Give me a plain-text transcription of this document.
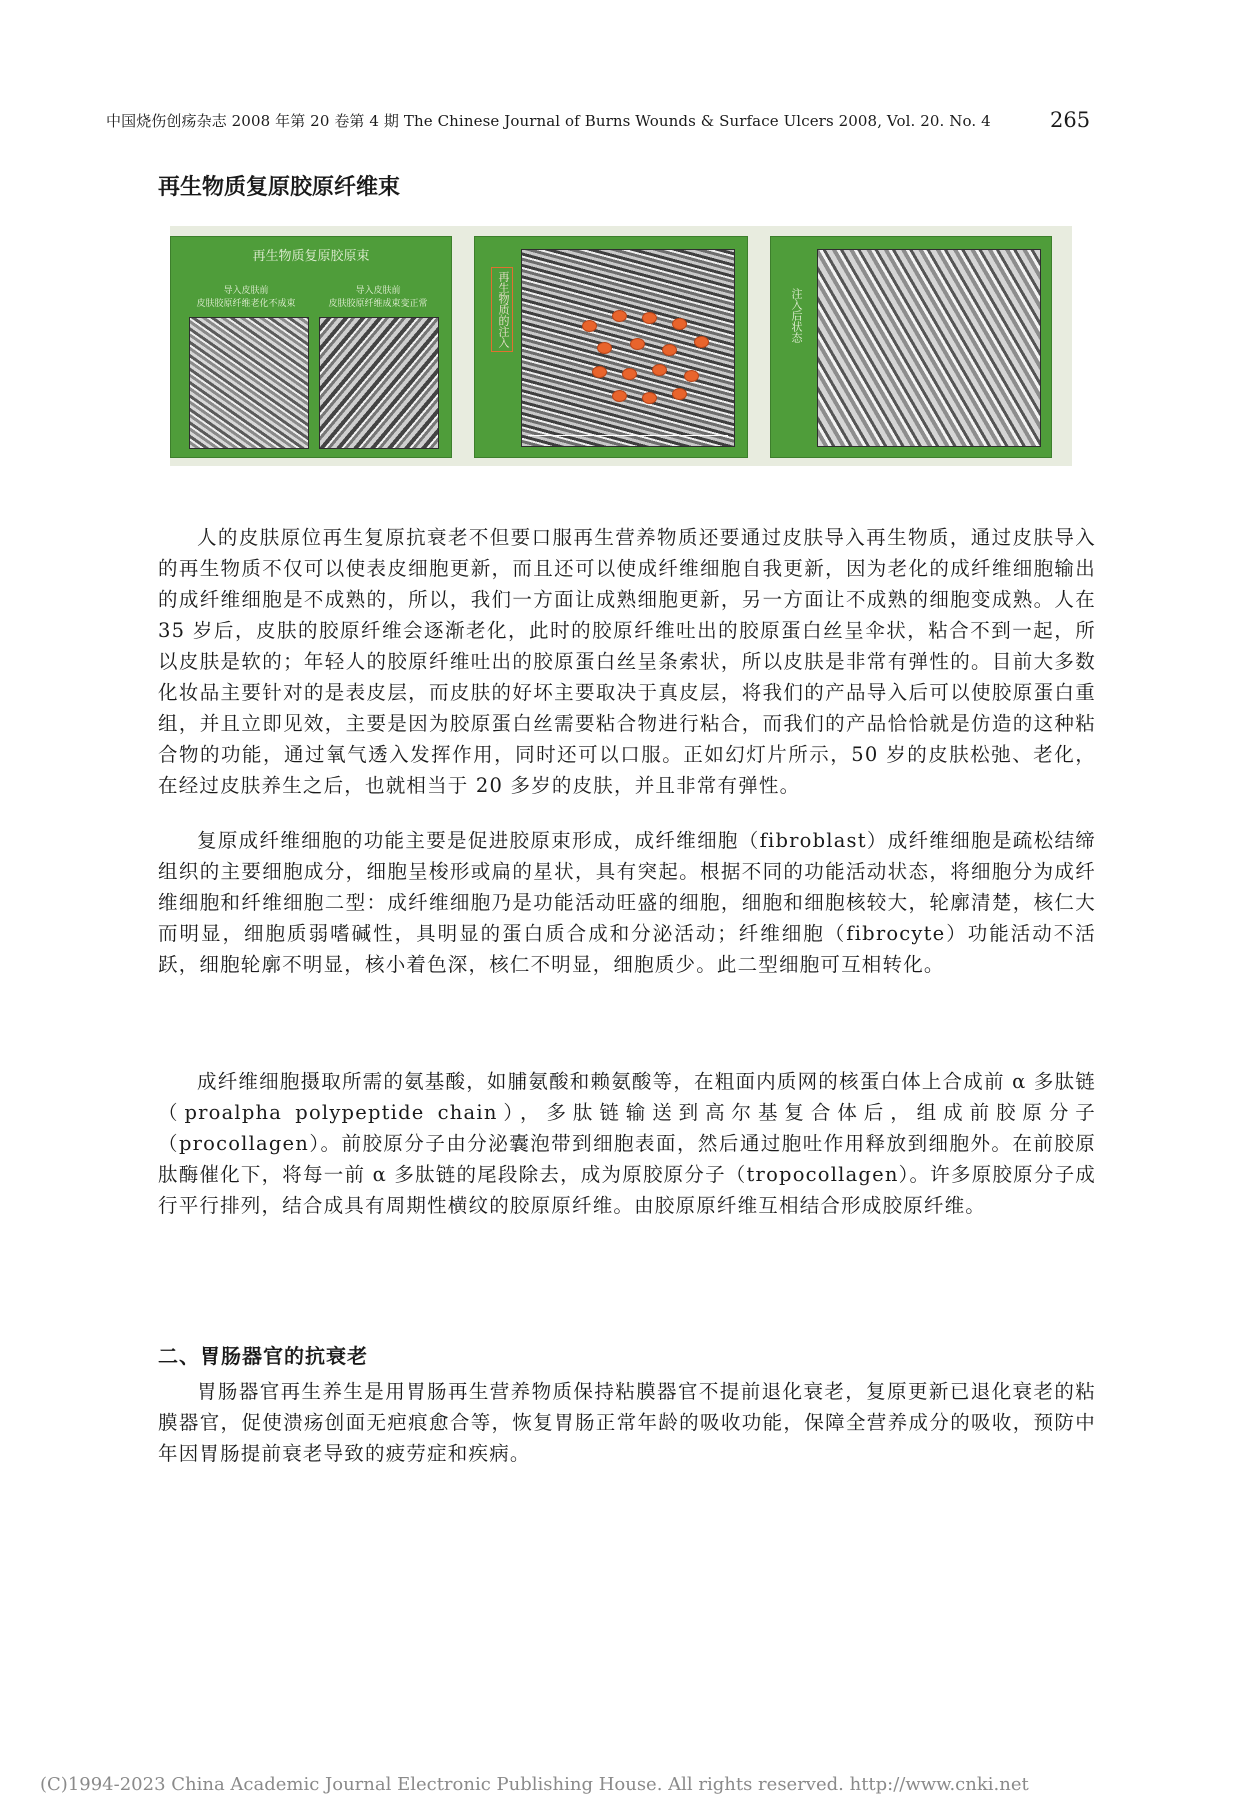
中国烧伤创疡杂志 2008 年第 20 卷第 4 期 The Chinese Journal of Burns Wounds & Surface Ulcers 2008, Vol. 20. No. 4	265
再生物质复原胶原纤维束
再生物质复原胶原束
导入皮肤前
皮肤胶原纤维老化不成束
导入皮肤前
皮肤胶原纤维成束变正常	再生物质的注入	注入后状态

人的皮肤原位再生复原抗衰老不但要口服再生营养物质还要通过皮肤导入再生物质，通过皮肤导入的再生物质不仅可以使表皮细胞更新，而且还可以使成纤维细胞自我更新，因为老化的成纤维细胞输出的成纤维细胞是不成熟的，所以，我们一方面让成熟细胞更新，另一方面让不成熟的细胞变成熟。人在 35 岁后，皮肤的胶原纤维会逐渐老化，此时的胶原纤维吐出的胶原蛋白丝呈伞状，粘合不到一起，所以皮肤是软的；年轻人的胶原纤维吐出的胶原蛋白丝呈条索状，所以皮肤是非常有弹性的。目前大多数化妆品主要针对的是表皮层，而皮肤的好坏主要取决于真皮层，将我们的产品导入后可以使胶原蛋白重组，并且立即见效，主要是因为胶原蛋白丝需要粘合物进行粘合，而我们的产品恰恰就是仿造的这种粘合物的功能，通过氧气透入发挥作用，同时还可以口服。正如幻灯片所示，50 岁的皮肤松弛、老化，在经过皮肤养生之后，也就相当于 20 多岁的皮肤，并且非常有弹性。

复原成纤维细胞的功能主要是促进胶原束形成，成纤维细胞（fibroblast）成纤维细胞是疏松结缔组织的主要细胞成分，细胞呈梭形或扁的星状，具有突起。根据不同的功能活动状态，将细胞分为成纤维细胞和纤维细胞二型：成纤维细胞乃是功能活动旺盛的细胞，细胞和细胞核较大，轮廓清楚，核仁大而明显，细胞质弱嗜碱性，具明显的蛋白质合成和分泌活动；纤维细胞（fibrocyte）功能活动不活跃，细胞轮廓不明显，核小着色深，核仁不明显，细胞质少。此二型细胞可互相转化。

成纤维细胞摄取所需的氨基酸，如脯氨酸和赖氨酸等，在粗面内质网的核蛋白体上合成前 α 多肽链（proalpha polypeptide chain），多肽链输送到高尔基复合体后，组成前胶原分子（procollagen）。前胶原分子由分泌囊泡带到细胞表面，然后通过胞吐作用释放到细胞外。在前胶原肽酶催化下，将每一前 α 多肽链的尾段除去，成为原胶原分子（tropocollagen）。许多原胶原分子成行平行排列，结合成具有周期性横纹的胶原原纤维。由胶原原纤维互相结合形成胶原纤维。

二、胃肠器官的抗衰老

胃肠器官再生养生是用胃肠再生营养物质保持粘膜器官不提前退化衰老，复原更新已退化衰老的粘膜器官，促使溃疡创面无疤痕愈合等，恢复胃肠正常年龄的吸收功能，保障全营养成分的吸收，预防中年因胃肠提前衰老导致的疲劳症和疾病。

(C)1994-2023 China Academic Journal Electronic Publishing House. All rights reserved. http://www.cnki.net
